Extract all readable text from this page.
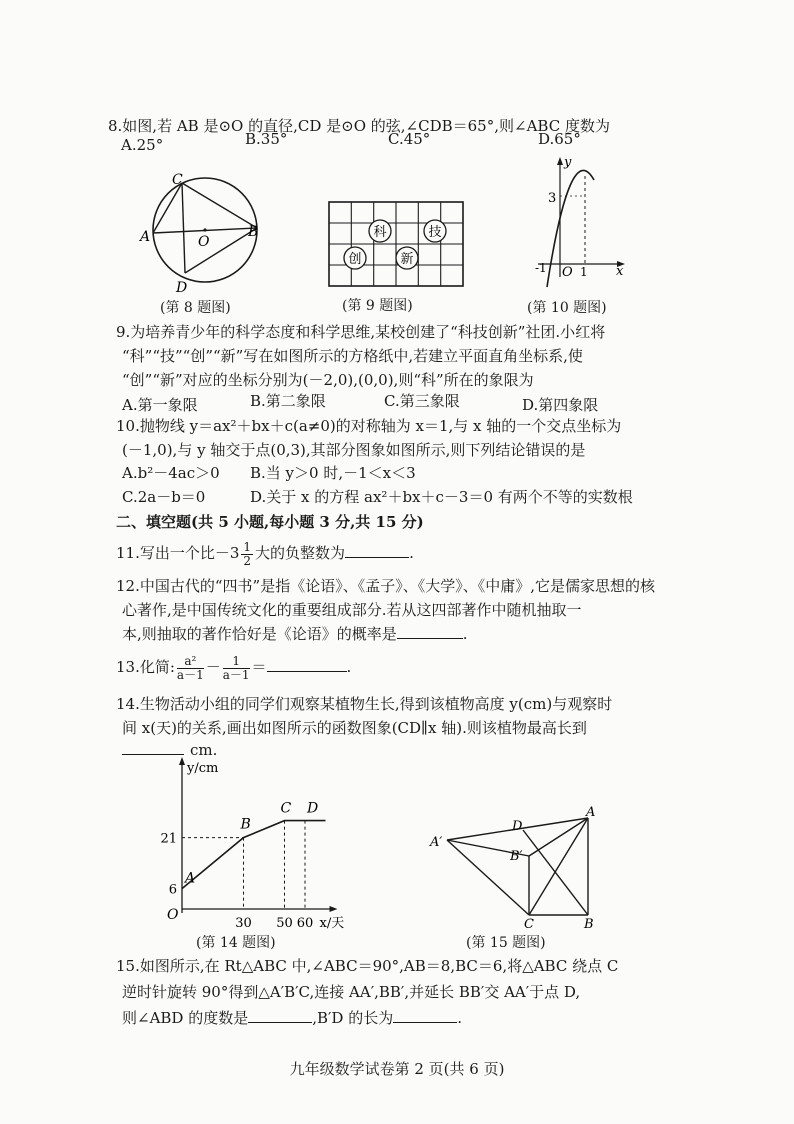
8.如图,若 AB 是⊙O 的直径,CD 是⊙O 的弦,∠CDB＝65°,则∠ABC 度数为
A.25°	B.35°	C.45°	D.65°
C
A	O
B
D
(第 8 题图)
科	技
创	新
(第 9 题图)
y
3
-1 O 1 x
(第 10 题图)
9.为培养青少年的科学态度和科学思维,某校创建了“科技创新”社团.小红将
“科”“技”“创”“新”写在如图所示的方格纸中,若建立平面直角坐标系,使
“创”“新”对应的坐标分别为(－2,0),(0,0),则“科”所在的象限为
A.第一象限	B.第二象限	C.第三象限	D.第四象限
10.抛物线 y＝ax²＋bx＋c(a≠0)的对称轴为 x＝1,与 x 轴的一个交点坐标为
(－1,0),与 y 轴交于点(0,3),其部分图象如图所示,则下列结论错误的是
A.b²－4ac＞0 B.当 y＞0 时,－1＜x＜3
C.2a－b＝0	D.关于 x 的方程 ax²＋bx＋c－3＝0 有两个不等的实数根
二、填空题(共 5 小题,每小题 3 分,共 15 分)
11.写出一个比$-3 \frac{1}{2}$ 大的负整数为	.
12.中国古代的“四书”是指《论语》、《孟子》、《大学》、《中庸》,它是儒家思想的核
心著作,是中国传统文化的重要组成部分.若从这四部著作中随机抽取一
本,则抽取的著作恰好是《论语》的概率是	.
13.化简: $\frac{\text{a²}}{a-1} - \frac{1}{a-1}$ ＝	.
14.生物活动小组的同学们观察某植物生长,得到该植物高度 y(cm)与观察时
间 x(天)的关系,画出如图所示的函数图象(CD∥x 轴).则该植物最高长到
cm.
A
B
C D
6
21
30 50 60
O
y/cm
x/天
(第 14 题图)
A′
D
A
B′
C	B
(第 15 题图)
15.如图所示,在 Rt△ABC 中,∠ABC＝90°,AB＝8,BC＝6,将△ABC 绕点 C
逆时针旋转 90°得到△A′B′C,连接 AA′,BB′,并延长 BB′交 AA′于点 D,
则∠ABD 的度数是	,B′D 的长为	.
九年级数学试卷第 2 页(共 6 页)
